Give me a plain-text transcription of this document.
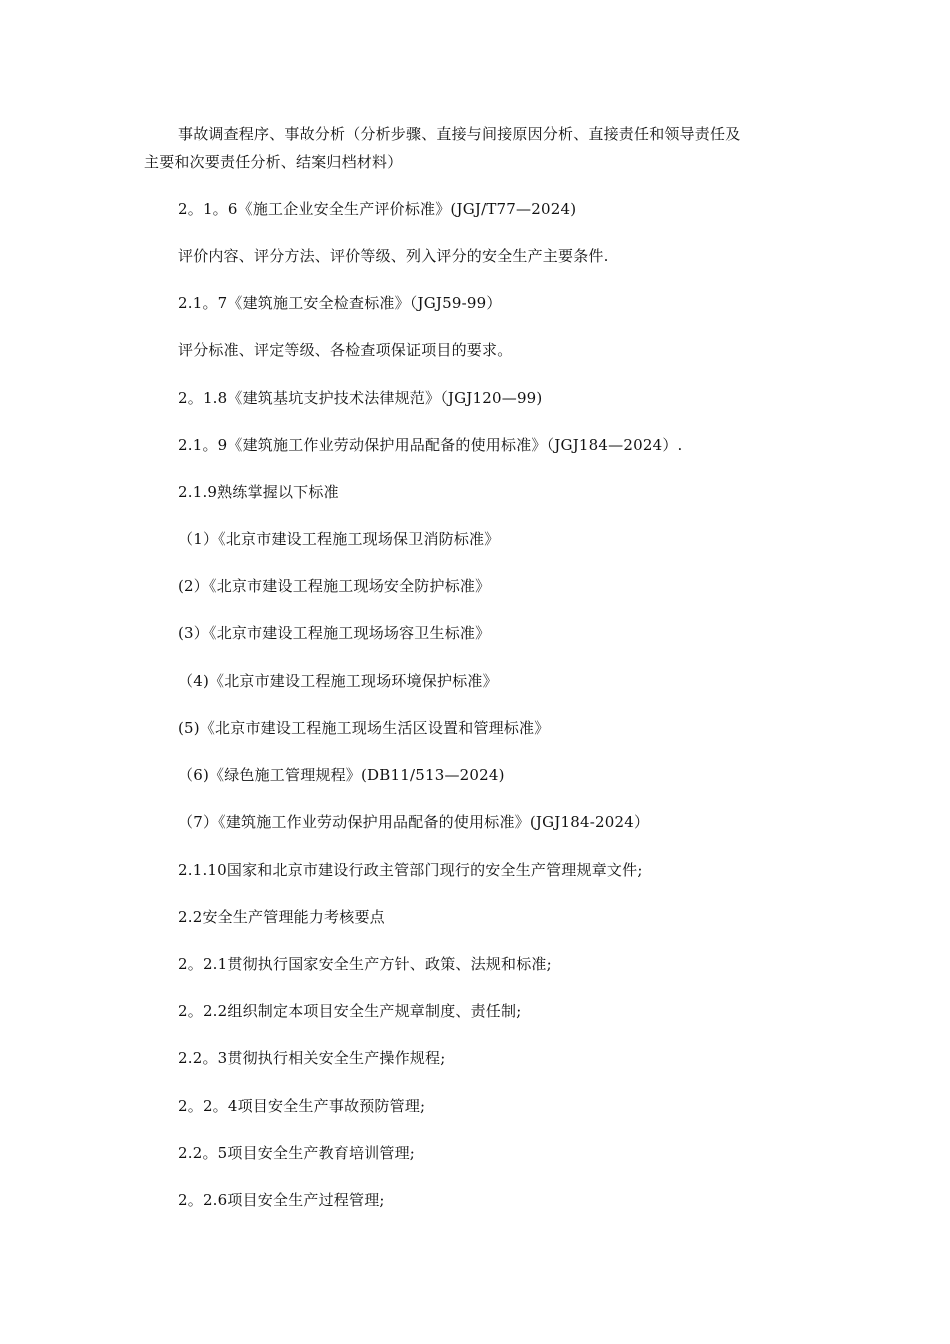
事故调查程序、事故分析（分析步骤、直接与间接原因分析、直接责任和领导责任及
主要和次要责任分析、结案归档材料）
2。1。6《施工企业安全生产评价标准》(JGJ/T77—2024)
评价内容、评分方法、评价等级、列入评分的安全生产主要条件.
2.1。7《建筑施工安全检查标准》（JGJ59-99）
评分标准、评定等级、各检查项保证项目的要求。
2。1.8《建筑基坑支护技术法律规范》（JGJ120—99)
2.1。9《建筑施工作业劳动保护用品配备的使用标准》（JGJ184—2024）.
2.1.9熟练掌握以下标准
（1）《北京市建设工程施工现场保卫消防标准》
(2）《北京市建设工程施工现场安全防护标准》
(3）《北京市建设工程施工现场场容卫生标准》
（4)《北京市建设工程施工现场环境保护标准》
(5)《北京市建设工程施工现场生活区设置和管理标准》
（6)《绿色施工管理规程》(DB11/513—2024)
（7）《建筑施工作业劳动保护用品配备的使用标准》(JGJ184-2024）
2.1.10国家和北京市建设行政主管部门现行的安全生产管理规章文件;
2.2安全生产管理能力考核要点
2。2.1贯彻执行国家安全生产方针、政策、法规和标准;
2。2.2组织制定本项目安全生产规章制度、责任制;
2.2。3贯彻执行相关安全生产操作规程;
2。2。4项目安全生产事故预防管理;
2.2。5项目安全生产教育培训管理;
2。2.6项目安全生产过程管理;
